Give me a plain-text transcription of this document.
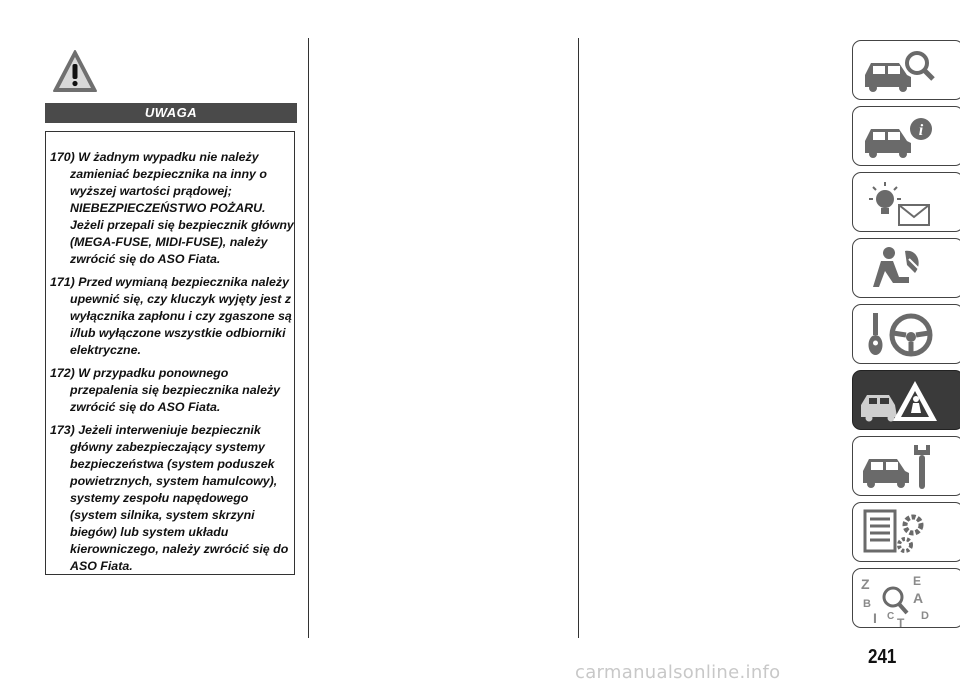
UWAGA
170) W żadnym wypadku nie należy zamieniać bezpiecznika na inny o wyższej wartości prądowej; NIEBEZPIECZEŃSTWO POŻARU. Jeżeli przepali się bezpiecznik główny (MEGA-FUSE, MIDI-FUSE), należy zwrócić się do ASO Fiata.
171) Przed wymianą bezpiecznika należy upewnić się, czy kluczyk wyjęty jest z wyłącznika zapłonu i czy zgaszone są i/lub wyłączone wszystkie odbiorniki elektryczne.
172) W przypadku ponownego przepalenia się bezpiecznika należy zwrócić się do ASO Fiata.
173) Jeżeli interweniuje bezpiecznik główny zabezpieczający systemy bezpieczeństwa (system poduszek powietrznych, system hamulcowy), systemy zespołu napędowego (system silnika, system skrzyni biegów) lub system układu kierowniczego, należy zwrócić się do ASO Fiata.
i
Z	E
B	A
I C T D
241
carmanualsonline.info
